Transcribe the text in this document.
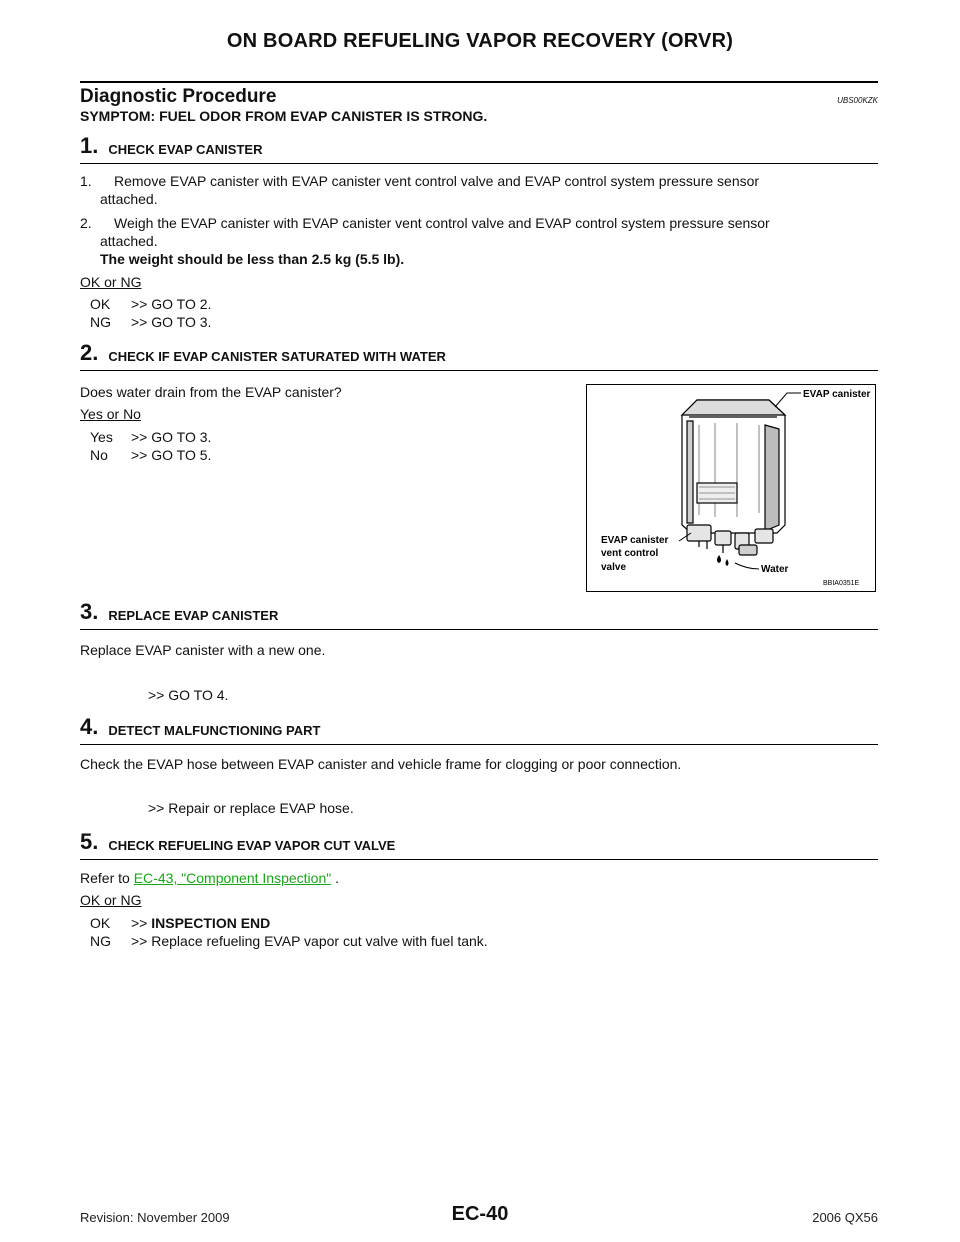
ON BOARD REFUELING VAPOR RECOVERY (ORVR)
Diagnostic Procedure	UBS00KZK
SYMPTOM: FUEL ODOR FROM EVAP CANISTER IS STRONG.
1. CHECK EVAP CANISTER
1. Remove EVAP canister with EVAP canister vent control valve and EVAP control system pressure sensor
attached.
2. Weigh the EVAP canister with EVAP canister vent control valve and EVAP control system pressure sensor
attached.
The weight should be less than 2.5 kg (5.5 lb).
OK or NG
OK >> GO TO 2.
NG >> GO TO 3.
2. CHECK IF EVAP CANISTER SATURATED WITH WATER
Does water drain from the EVAP canister?
Yes or No
Yes >> GO TO 3.
No >> GO TO 5.
EVAP canister
EVAP canister
vent control
valve	Water
BBIA0351E
3. REPLACE EVAP CANISTER
Replace EVAP canister with a new one.
>> GO TO 4.
4. DETECT MALFUNCTIONING PART
Check the EVAP hose between EVAP canister and vehicle frame for clogging or poor connection.
>> Repair or replace EVAP hose.
5. CHECK REFUELING EVAP VAPOR CUT VALVE
Refer to EC-43, "Component Inspection" .
OK or NG
OK >> INSPECTION END
NG >> Replace refueling EVAP vapor cut valve with fuel tank.
Revision: November 2009	EC-40	2006 QX56
